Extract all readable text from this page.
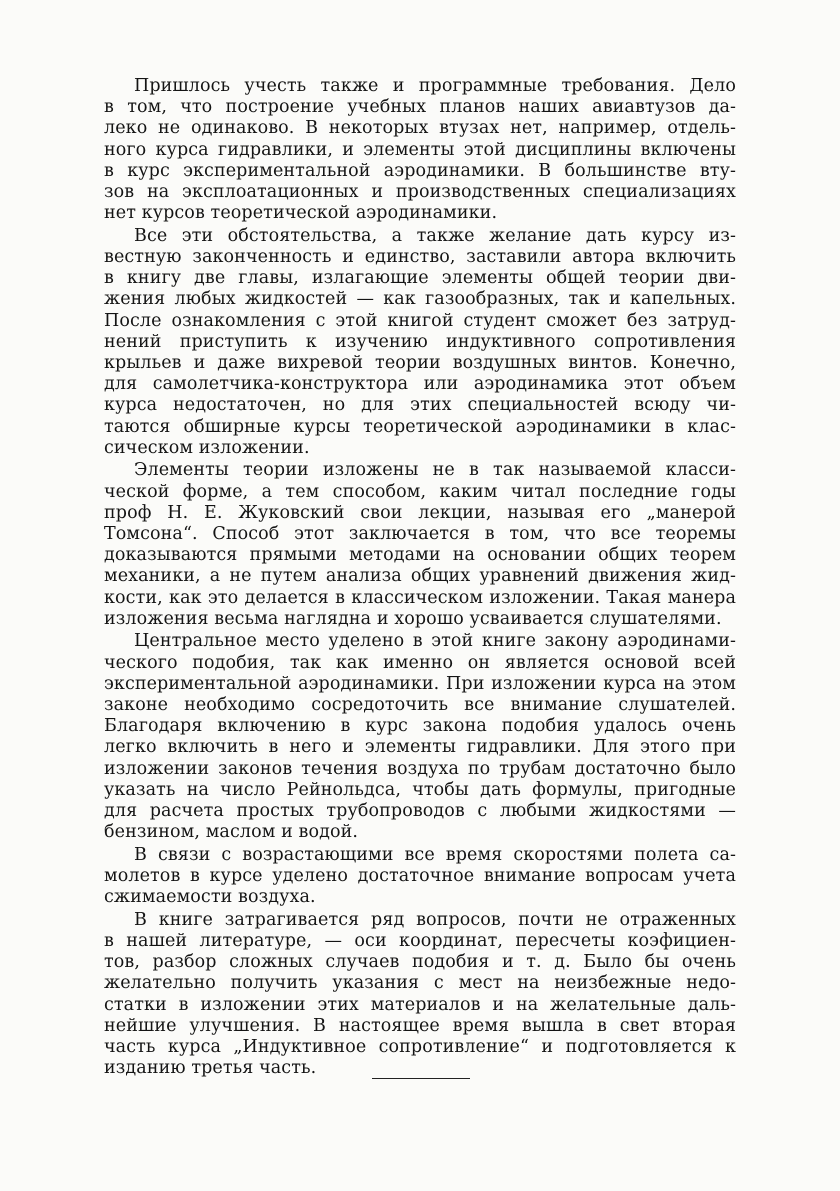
Пришлось учесть также и программные требования. Дело
в том, что построение учебных планов наших авиавтузов да-
леко не одинаково. В некоторых втузах нет, например, отдель-
ного курса гидравлики, и элементы этой дисциплины включены
в курс экспериментальной аэродинамики. В большинстве вту-
зов на эксплоатационных и производственных специализациях
нет курсов теоретической аэродинамики.
Все эти обстоятельства, а также желание дать курсу из-
вестную законченность и единство, заставили автора включить
в книгу две главы, излагающие элементы общей теории дви-
жения любых жидкостей — как газообразных, так и капельных.
После ознакомления с этой книгой студент сможет без затруд-
нений приступить к изучению индуктивного сопротивления
крыльев и даже вихревой теории воздушных винтов. Конечно,
для самолетчика-конструктора или аэродинамика этот объем
курса недостаточен, но для этих специальностей всюду чи-
таются обширные курсы теоретической аэродинамики в клас-
сическом изложении.
Элементы теории изложены не в так называемой класси-
ческой форме, а тем способом, каким читал последние годы
проф Н. Е. Жуковский свои лекции, называя его „манерой
Томсона“. Способ этот заключается в том, что все теоремы
доказываются прямыми методами на основании общих теорем
механики, а не путем анализа общих уравнений движения жид-
кости, как это делается в классическом изложении. Такая манера
изложения весьма наглядна и хорошо усваивается слушателями.
Центральное место уделено в этой книге закону аэродинами-
ческого подобия, так как именно он является основой всей
экспериментальной аэродинамики. При изложении курса на этом
законе необходимо сосредоточить все внимание слушателей.
Благодаря включению в курс закона подобия удалось очень
легко включить в него и элементы гидравлики. Для этого при
изложении законов течения воздуха по трубам достаточно было
указать на число Рейнольдса, чтобы дать формулы, пригодные
для расчета простых трубопроводов с любыми жидкостями —
бензином, маслом и водой.
В связи с возрастающими все время скоростями полета са-
молетов в курсе уделено достаточное внимание вопросам учета
сжимаемости воздуха.
В книге затрагивается ряд вопросов, почти не отраженных
в нашей литературе, — оси координат, пересчеты коэфициен-
тов, разбор сложных случаев подобия и т. д. Было бы очень
желательно получить указания с мест на неизбежные недо-
статки в изложении этих материалов и на желательные даль-
нейшие улучшения. В настоящее время вышла в свет вторая
часть курса „Индуктивное сопротивление“ и подготовляется к
изданию третья часть.
